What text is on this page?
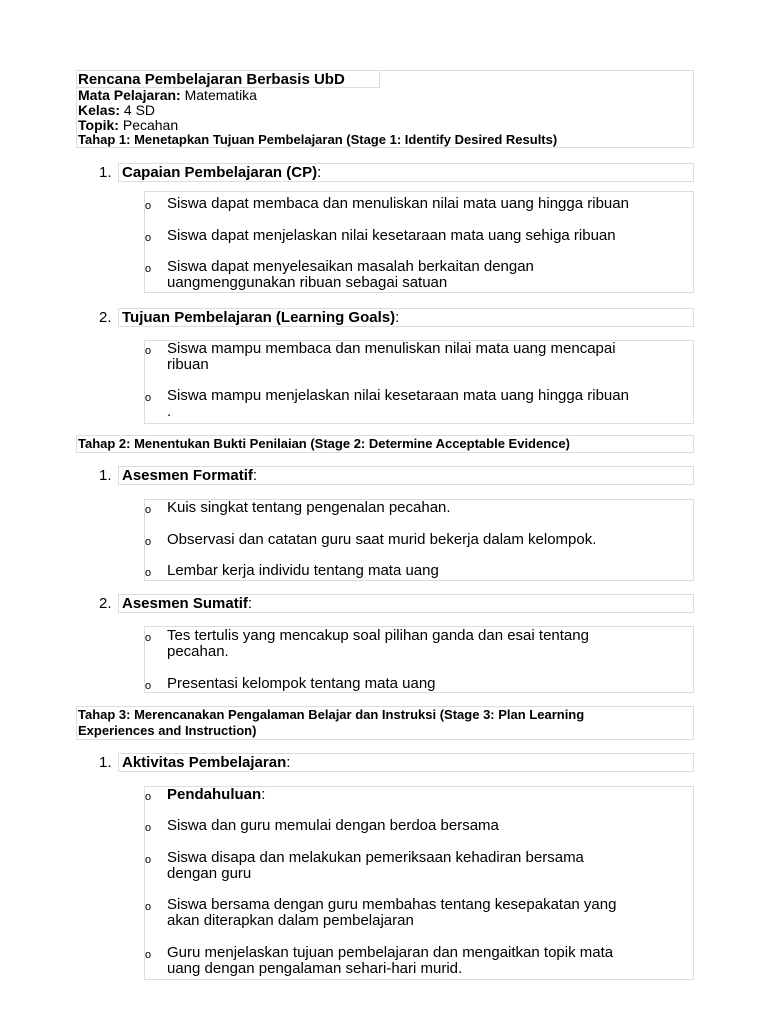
Rencana Pembelajaran Berbasis UbD
Mata Pelajaran: Matematika
Kelas: 4 SD
Topik: Pecahan
Tahap 1: Menetapkan Tujuan Pembelajaran (Stage 1: Identify Desired Results)
1. Capaian Pembelajaran (CP):
o Siswa dapat membaca dan menuliskan nilai mata uang hingga ribuan
o Siswa dapat menjelaskan nilai kesetaraan mata uang sehiga ribuan
o Siswa dapat menyelesaikan masalah berkaitan dengan
uangmenggunakan ribuan sebagai satuan
2. Tujuan Pembelajaran (Learning Goals):
o Siswa mampu membaca dan menuliskan nilai mata uang mencapai
ribuan
o Siswa mampu menjelaskan nilai kesetaraan mata uang hingga ribuan
.
Tahap 2: Menentukan Bukti Penilaian (Stage 2: Determine Acceptable Evidence)
1. Asesmen Formatif:
o Kuis singkat tentang pengenalan pecahan.
o Observasi dan catatan guru saat murid bekerja dalam kelompok.
o Lembar kerja individu tentang mata uang
2. Asesmen Sumatif:
o Tes tertulis yang mencakup soal pilihan ganda dan esai tentang
pecahan.
o Presentasi kelompok tentang mata uang
Tahap 3: Merencanakan Pengalaman Belajar dan Instruksi (Stage 3: Plan Learning
Experiences and Instruction)
1. Aktivitas Pembelajaran:
o Pendahuluan:
o Siswa dan guru memulai dengan berdoa bersama
o Siswa disapa dan melakukan pemeriksaan kehadiran bersama
dengan guru
o Siswa bersama dengan guru membahas tentang kesepakatan yang
akan diterapkan dalam pembelajaran
o Guru menjelaskan tujuan pembelajaran dan mengaitkan topik mata
uang dengan pengalaman sehari-hari murid.
